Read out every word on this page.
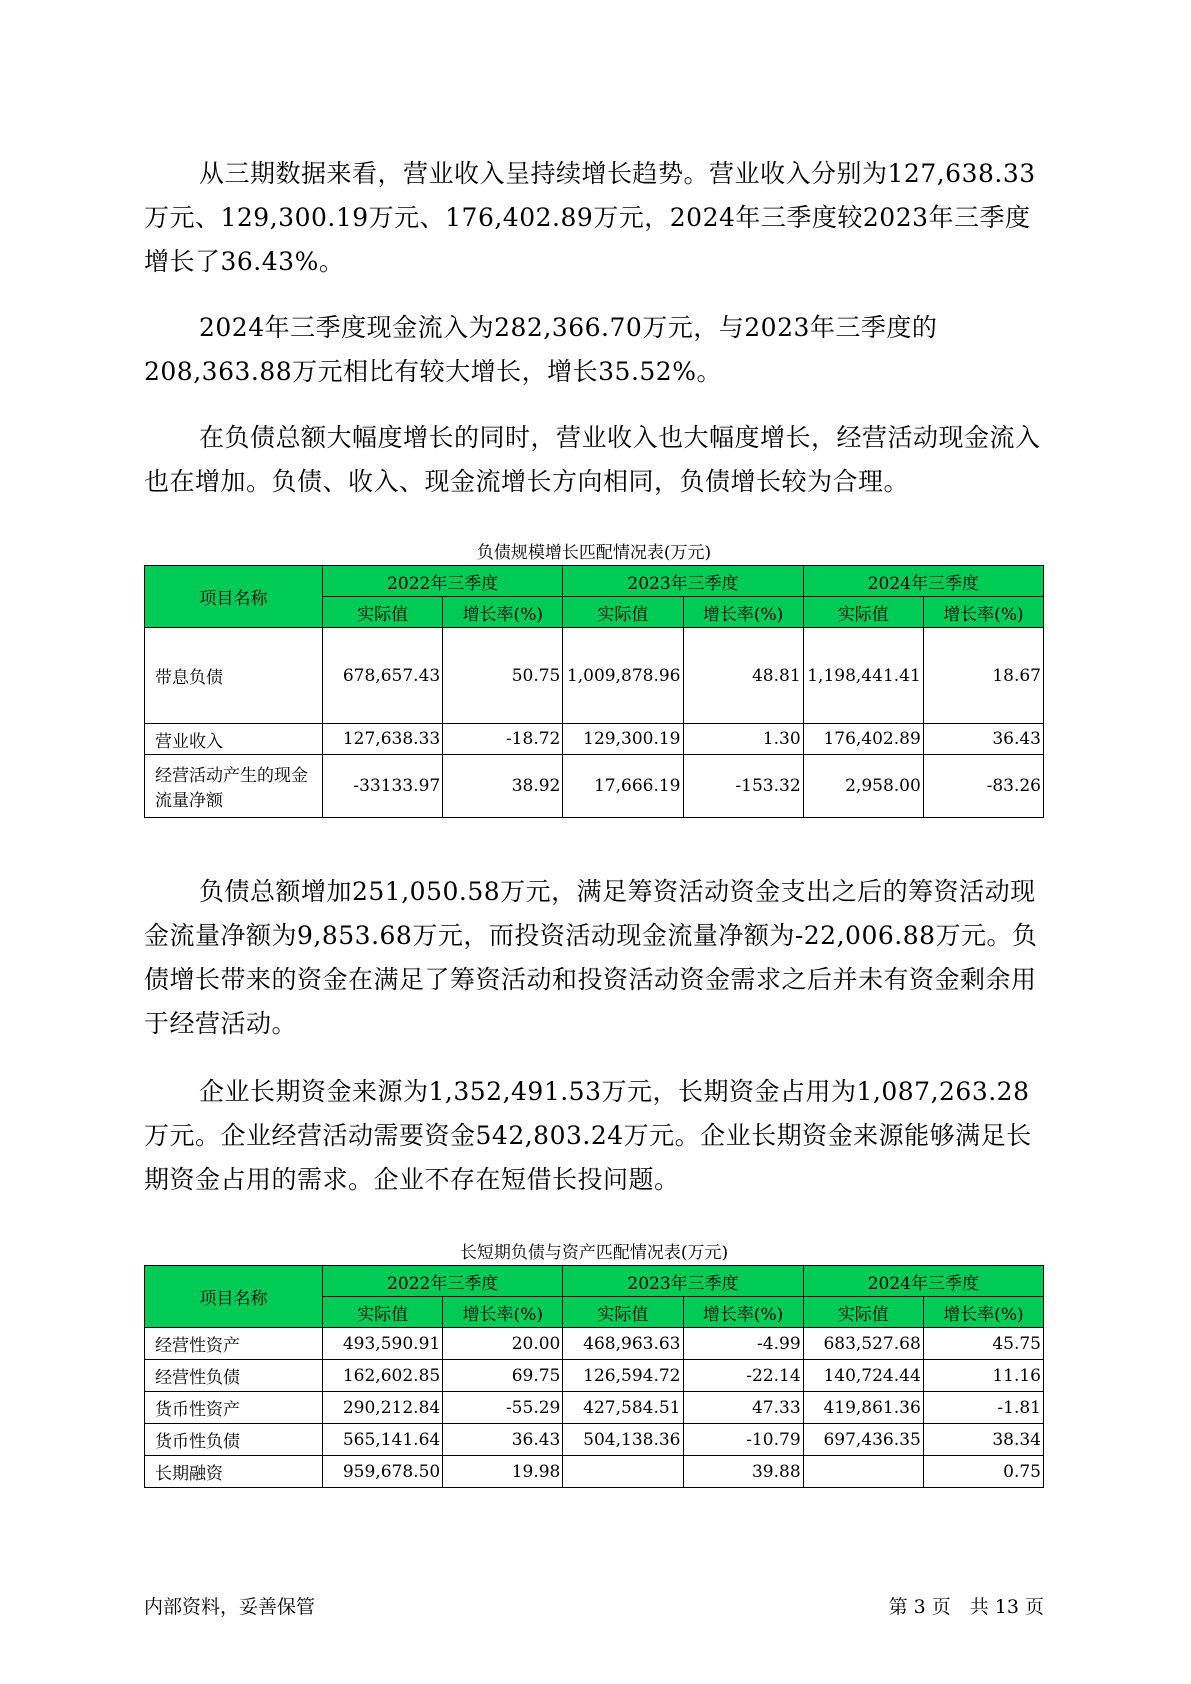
从三期数据来看，营业收入呈持续增长趋势。营业收入分别为127,638.33万元、129,300.19万元、176,402.89万元，2024年三季度较2023年三季度增长了36.43%。

2024年三季度现金流入为282,366.70万元，与2023年三季度的208,363.88万元相比有较大增长，增长35.52%。

在负债总额大幅度增长的同时，营业收入也大幅度增长，经营活动现金流入也在增加。负债、收入、现金流增长方向相同，负债增长较为合理。

负债规模增长匹配情况表(万元)
项目名称	2022年三季度		2023年三季度		2024年三季度	
	实际值	增长率(%)	实际值	增长率(%)	实际值	增长率(%)
带息负债	678,657.43	50.75	1,009,878.96	48.81	1,198,441.41	18.67
营业收入	127,638.33	-18.72	129,300.19	1.30	176,402.89	36.43
经营活动产生的现金流量净额	-33133.97	38.92	17,666.19	-153.32	2,958.00	-83.26

负债总额增加251,050.58万元，满足筹资活动资金支出之后的筹资活动现金流量净额为9,853.68万元，而投资活动现金流量净额为-22,006.88万元。负债增长带来的资金在满足了筹资活动和投资活动资金需求之后并未有资金剩余用于经营活动。

企业长期资金来源为1,352,491.53万元，长期资金占用为1,087,263.28万元。企业经营活动需要资金542,803.24万元。企业长期资金来源能够满足长期资金占用的需求。企业不存在短借长投问题。

长短期负债与资产匹配情况表(万元)
项目名称	2022年三季度		2023年三季度		2024年三季度	
	实际值	增长率(%)	实际值	增长率(%)	实际值	增长率(%)
经营性资产	493,590.91	20.00	468,963.63	-4.99	683,527.68	45.75
经营性负债	162,602.85	69.75	126,594.72	-22.14	140,724.44	11.16
货币性资产	290,212.84	-55.29	427,584.51	47.33	419,861.36	-1.81
货币性负债	565,141.64	36.43	504,138.36	-10.79	697,436.35	38.34
长期融资	959,678.50	19.98		39.88		0.75
内部资料，妥善保管	第 3 页　共 13 页
